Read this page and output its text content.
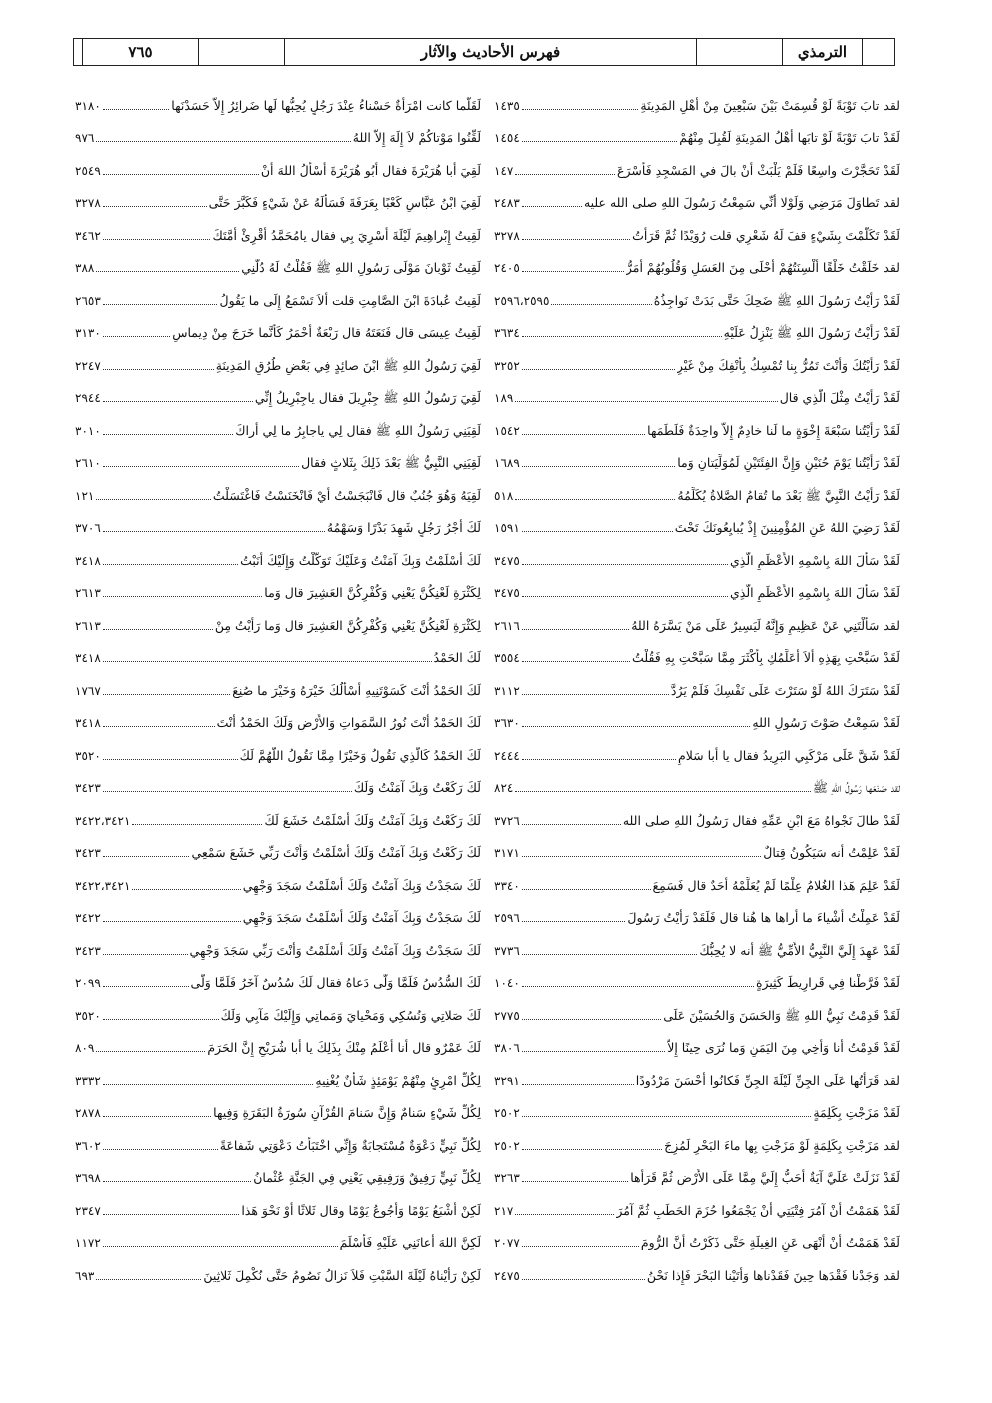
الترمذي
فهرس الأحاديث والآثار
٧٦٥
لقد تابَ تَوْبَةً لَوْ قُسِمَتْ بَيْنَ سَبْعِينَ مِنْ أَهْلِ المَدِينَةِ
١٤٣٥
لَقَدْ تابَ تَوْبَةً لَوْ تابَها أَهْلُ المَدِينَةِ لَقُبِلَ مِنْهُمْ
١٤٥٤
لَقَدْ تَحَجَّرْتَ واسِعًا فَلَمْ يَلْبَثْ أَنْ بالَ في المَسْجِدِ فَأَسْرَعَ
١٤٧
لقد تَطاوَلَ مَرَضِي وَلَوْلا أَنِّي سَمِعْتُ رَسُولَ اللهِ صلى الله عليه
٢٤٨٣
لَقَدْ تَكَلَّمْتَ بِشَيْءٍ قفَ لَهُ شَعْرِي قلت رُوَيْدًا ثُمَّ قَرَأْتُ
٣٢٧٨
لقد خَلَقْتُ خَلْقًا أَلْسِنَتُهُمْ أَحْلَى مِنَ العَسَلِ وَقُلُوبُهُمْ أَمَرُّ
٢٤٠٥
لَقَدْ رَأَيْتُ رَسُولَ اللهِ ﷺ ضَحِكَ حَتَّى بَدَتْ نَواجِذُهُ
٢٥٩٦،٢٥٩٥
لَقَدْ رَأَيْتُ رَسُولَ اللهِ ﷺ يَنْزِلُ عَلَيْهِ
٣٦٣٤
لَقَدْ رَأَيْتُكَ وَأَنْتَ تَمُرُّ بِنا تُمْسِكُ بِأَنْفِكَ مِنْ غَيْرِ
٣٢٥٢
لَقَدْ رَأَيْتُ مِثْلَ الَّذِي قال
١٨٩
لَقَدْ رَأَيْتُنا سَبْعَةَ إِخْوَةٍ ما لَنا خادِمٌ إِلاَّ واحِدَةٌ فَلَطَمَها
١٥٤٢
لَقَدْ رَأَيْتُنا يَوْمَ حُنَيْنٍ وَإِنَّ الفِئَتَيْنِ لَمُوَلِّيَتانِ وَما
١٦٨٩
لَقَدْ رَأَيْتُ النَّبِيَّ ﷺ بَعْدَ ما تُقامُ الصَّلاةُ يُكَلِّمُهُ
٥١٨
لَقَدْ رَضِيَ اللهُ عَنِ المُؤْمِنِينَ إِذْ يُبايِعُونَكَ تَحْتَ
١٥٩١
لَقَدْ سَأَلَ اللهَ بِاسْمِهِ الأَعْظَمِ الَّذِي
٣٤٧٥
لَقَدْ سَأَلَ اللهَ بِاسْمِهِ الأَعْظَمِ الَّذِي
٣٤٧٥
لقد سَأَلْتَنِي عَنْ عَظِيمٍ وَإِنَّهُ لَيَسِيرٌ عَلَى مَنْ يَسَّرَهُ اللهُ
٢٦١٦
لَقَدْ سَبَّحْتِ بِهَذِهِ أَلاَ أُعَلِّمُكِ بِأَكْثَرَ مِمَّا سَبَّحْتِ بِهِ فَقُلْتُ
٣٥٥٤
لَقَدْ سَتَرَكَ اللهُ لَوْ سَتَرْتَ عَلَى نَفْسِكَ فَلَمْ يَرُدَّ
٣١١٢
لَقَدْ سَمِعْتُ صَوْتَ رَسُولِ اللهِ
٣٦٣٠
لَقَدْ شَقَّ عَلَى مَرْكَبِي البَرِيدُ فقال يا أبا سَلامٍ
٢٤٤٤
لقد صَنَعَها رَسُولُ اللهِ ﷺ
٨٢٤
لَقَدْ طالَ نَجْواهُ مَعَ ابْنِ عَمِّهِ فقال رَسُولُ اللهِ صلى الله
٣٧٢٦
لَقَدْ عَلِمْتُ أنه سَيَكُونُ قِتالٌ
٣١٧١
لَقَدْ عَلِمَ هَذا الغُلامُ عِلْمًا لَمْ يُعَلِّمْهُ أَحَدٌ قال فَسَمِعَ
٣٣٤٠
لَقَدْ عَمِلْتُ أَشْياءَ ما أَراها ها هُنا قال فَلَقَدْ رَأَيْتُ رَسُولَ
٢٥٩٦
لَقَدْ عَهِدَ إِلَيَّ النَّبِيُّ الأُمِّيُّ ﷺ أنه لا يُحِبُّكَ
٣٧٣٦
لَقَدْ فَرَّطْنا فِي قَرارِيطَ كَثِيرَةٍ
١٠٤٠
لَقَدْ قَدِمْتُ نَبِيُّ اللهِ ﷺ وَالحَسَنَ وَالحُسَيْنَ عَلَى
٢٧٧٥
لَقَدْ قَدِمْتُ أَنا وَأَخِي مِنَ اليَمَنِ وَما نُرَى حِينًا إِلاَّ
٣٨٠٦
لقد قَرَأْتُها عَلَى الجِنِّ لَيْلَةَ الجِنِّ فَكانُوا أَحْسَنَ مَرْدُودًا
٣٢٩١
لَقَدْ مَزَجْتِ بِكَلِمَةٍ
٢٥٠٢
لقد مَزَجْتِ بِكَلِمَةٍ لَوْ مَزَجْتِ بِها ماءَ البَحْرِ لَمُزِجَ
٢٥٠٢
لَقَدْ نَزَلَتْ عَلَيَّ آيَةٌ أَحَبُّ إِلَيَّ مِمَّا عَلَى الأَرْضِ ثُمَّ قَرَأَها
٣٢٦٣
لَقَدْ هَمَمْتُ أَنْ آمُرَ فِتْيَتِي أَنْ يَجْمَعُوا حُزَمَ الحَطَبِ ثُمَّ آمُرَ
٢١٧
لَقَدْ هَمَمْتُ أَنْ أَنْهَى عَنِ الغِيلَةِ حَتَّى ذَكَرْتُ أَنَّ الرُّومَ
٢٠٧٧
لقد وَجَدْنا فَقْدَها حِينَ فَقَدْناها وَأَتَيْنا البَحْرَ فَإِذا نَحْنُ
٢٤٧٥
لَقَلَّما كانت امْرَأَةٌ حَسْناءُ عِنْدَ رَجُلٍ يُحِبُّها لَها ضَرائِرُ إِلاَّ حَسَدْنَها
٣١٨٠
لَقِّنُوا مَوْتاكُمْ لاَ إِلَهَ إِلاَّ اللهُ
٩٧٦
لَقِيَ أَبا هُرَيْرَةَ فقال أَبُو هُرَيْرَةَ أَسْأَلُ اللهَ أَنْ
٢٥٤٩
لَقِيَ ابْنُ عَبَّاسٍ كَعْبًا بِعَرَفَةَ فَسَأَلَهُ عَنْ شَيْءٍ فَكَبَّرَ حَتَّى
٣٢٧٨
لَقِيتُ إِبْراهِيمَ لَيْلَةَ أُسْرِيَ بِي فقال يامُحَمَّدُ أَقْرِئْ أُمَّتَكَ
٣٤٦٢
لَقِيتُ ثَوْبانَ مَوْلَى رَسُولِ اللهِ ﷺ فَقُلْتُ لَهُ دُلَّنِي
٣٨٨
لَقِيتُ عُبادَةَ ابْنَ الصَّامِتِ قلت أَلاَ تَسْمَعُ إِلَى ما يَقُولُ
٢٦٥٣
لَقِيتُ عِيسَى قال فَنَعَتَهُ قال رَبْعَةٌ أَحْمَرُ كَأَنَّما خَرَجَ مِنْ دِيماسٍ
٣١٣٠
لَقِيَ رَسُولُ اللهِ ﷺ ابْنَ صائِدٍ فِي بَعْضِ طُرُقِ المَدِينَةِ
٢٢٤٧
لَقِيَ رَسُولُ اللهِ ﷺ جِبْرِيلَ فقال ياجِبْرِيلُ إِنِّي
٢٩٤٤
لَقِيَنِي رَسُولُ اللهِ ﷺ فقال لِي ياجابِرُ ما لِي أَراكَ
٣٠١٠
لَقِيَنِي النَّبِيُّ ﷺ بَعْدَ ذَلِكَ بِثَلاثٍ فقال
٢٦١٠
لَقِيَهُ وَهُوَ جُنُبٌ قال فَانْبَجَسْتُ أَيْ فَانْخَنَسْتُ فَاغْتَسَلْتُ
١٢١
لَكَ أَجْرُ رَجُلٍ شَهِدَ بَدْرًا وَسَهْمُهُ
٣٧٠٦
لَكَ أَسْلَمْتُ وَبِكَ آمَنْتُ وَعَلَيْكَ تَوَكَّلْتُ وَإِلَيْكَ أَنَبْتُ
٣٤١٨
لِكَثْرَةِ لَعْنِكُنَّ يَعْنِي وَكُفْرِكُنَّ العَشِيرَ قال وَما
٢٦١٣
لِكَثْرَةِ لَعْنِكُنَّ يَعْنِي وَكُفْرِكُنَّ العَشِيرَ قال وَما رَأَيْتُ مِنْ
٢٦١٣
لَكَ الحَمْدُ
٣٤١٨
لَكَ الحَمْدُ أَنْتَ كَسَوْتَنِيهِ أَسْأَلُكَ خَيْرَهُ وَخَيْرَ ما صُنِعَ
١٧٦٧
لَكَ الحَمْدُ أَنْتَ نُورُ السَّمَواتِ وَالأَرْضِ وَلَكَ الحَمْدُ أَنْتَ
٣٤١٨
لَكَ الحَمْدُ كَالَّذِي نَقُولُ وَخَيْرًا مِمَّا نَقُولُ اللَّهُمَّ لَكَ
٣٥٢٠
لَكَ رَكَعْتُ وَبِكَ آمَنْتُ وَلَكَ
٣٤٢٣
لَكَ رَكَعْتُ وَبِكَ آمَنْتُ وَلَكَ أَسْلَمْتُ خَشَعَ لَكَ
٣٤٢٢،٣٤٢١
لَكَ رَكَعْتُ وَبِكَ آمَنْتُ وَلَكَ أَسْلَمْتُ وَأَنْتَ رَبِّي خَشَعَ سَمْعِي
٣٤٢٣
لَكَ سَجَدْتُ وَبِكَ آمَنْتُ وَلَكَ أَسْلَمْتُ سَجَدَ وَجْهِي
٣٤٢٢،٣٤٢١
لَكَ سَجَدْتُ وَبِكَ آمَنْتُ وَلَكَ أَسْلَمْتُ سَجَدَ وَجْهِي
٣٤٢٢
لَكَ سَجَدْتُ وَبِكَ آمَنْتُ وَلَكَ أَسْلَمْتُ وَأَنْتَ رَبِّي سَجَدَ وَجْهِي
٣٤٢٣
لَكَ السُّدُسُ فَلَمَّا وَلَّى دَعاهُ فقال لَكَ سُدُسٌ آخَرُ فَلَمَّا وَلَّى
٢٠٩٩
لَكَ صَلاتِي وَنُسُكِي وَمَحْيايَ وَمَماتِي وَإِلَيْكَ مَآبِي وَلَكَ
٣٥٢٠
لَكَ عَمْرٌو قال أَنا أَعْلَمُ مِنْكَ بِذَلِكَ يا أَبا شُرَيْحٍ إِنَّ الحَرَمَ
٨٠٩
لِكُلِّ امْرِئٍ مِنْهُمْ يَوْمَئِذٍ شَأْنٌ يُغْنِيهِ
٣٣٣٢
لِكُلِّ شَيْءٍ سَنامٌ وَإِنَّ سَنامَ القُرْآنِ سُورَةُ البَقَرَةِ وَفِيها
٢٨٧٨
لِكُلِّ نَبِيٍّ دَعْوَةٌ مُسْتَجابَةٌ وَإِنِّي اخْتَبَأْتُ دَعْوَتِي شَفاعَةً
٣٦٠٢
لِكُلِّ نَبِيٍّ رَفِيقٌ وَرَفِيقِي يَعْنِي فِي الجَنَّةِ عُثْمانُ
٣٦٩٨
لَكِنْ أَشْبَعُ يَوْمًا وَأَجُوعُ يَوْمًا وقال ثَلاثًا أَوْ نَحْوَ هَذا
٢٣٤٧
لَكِنَّ اللهَ أَعانَنِي عَلَيْهِ فَأَسْلَمَ
١١٧٢
لَكِنْ رَأَيْناهُ لَيْلَةَ السَّبْتِ فَلاَ نَزالُ نَصُومُ حَتَّى نُكْمِلَ ثَلاثِينَ
٦٩٣
